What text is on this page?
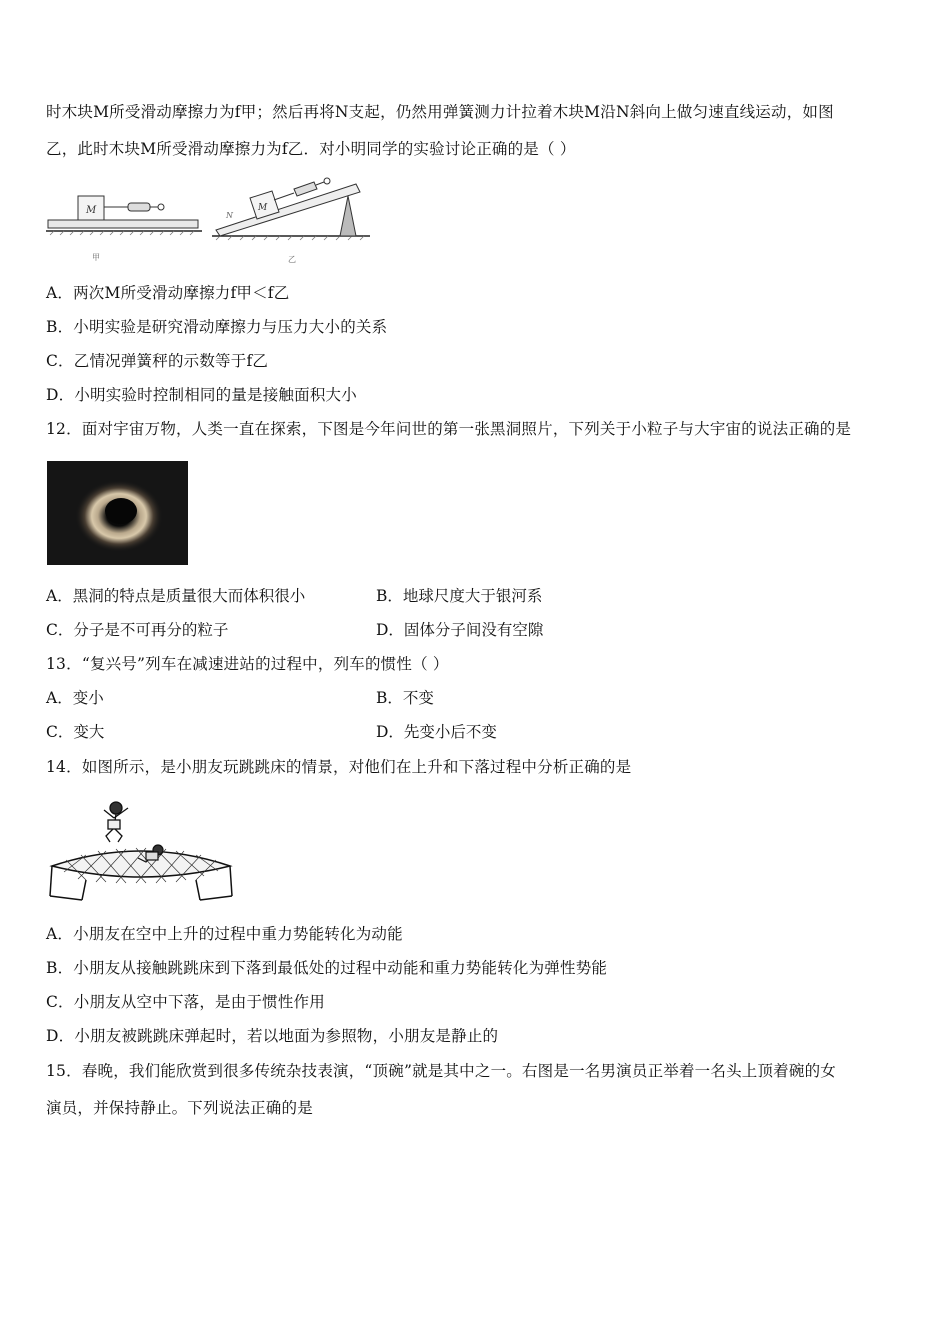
时木块M所受滑动摩擦力为f甲；然后再将N支起，仍然用弹簧测力计拉着木块M沿N斜向上做匀速直线运动，如图
乙，此时木块M所受滑动摩擦力为f乙．对小明同学的实验讨论正确的是（ ）
M
甲
M
N
乙
A．两次M所受滑动摩擦力f甲＜f乙
B．小明实验是研究滑动摩擦力与压力大小的关系
C．乙情况弹簧秤的示数等于f乙
D．小明实验时控制相同的量是接触面积大小
12．面对宇宙万物，人类一直在探索，下图是今年问世的第一张黑洞照片，下列关于小粒子与大宇宙的说法正确的是
A．黑洞的特点是质量很大而体积很小	B．地球尺度大于银河系
C．分子是不可再分的粒子	D．固体分子间没有空隙
13．“复兴号”列车在减速进站的过程中，列车的惯性（ ）
A．变小	B．不变
C．变大	D．先变小后不变
14．如图所示，是小朋友玩跳跳床的情景，对他们在上升和下落过程中分析正确的是
A．小朋友在空中上升的过程中重力势能转化为动能
B．小朋友从接触跳跳床到下落到最低处的过程中动能和重力势能转化为弹性势能
C．小朋友从空中下落，是由于惯性作用
D．小朋友被跳跳床弹起时，若以地面为参照物，小朋友是静止的
15．春晚，我们能欣赏到很多传统杂技表演，“顶碗”就是其中之一。右图是一名男演员正举着一名头上顶着碗的女
演员，并保持静止。下列说法正确的是
